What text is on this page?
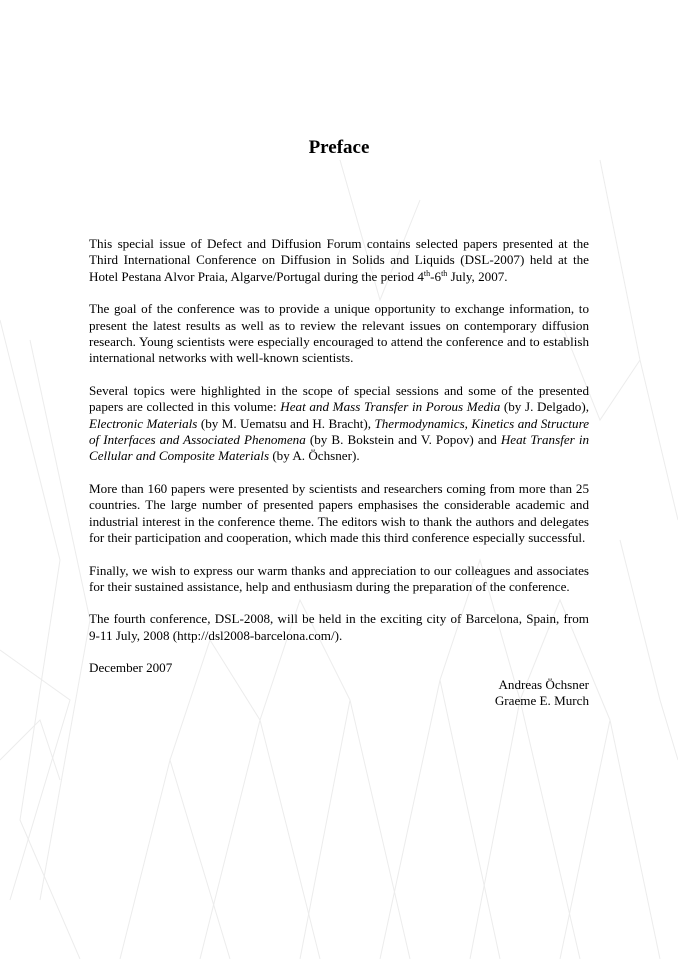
Preface

This special issue of Defect and Diffusion Forum contains selected papers presented at the Third International Conference on Diffusion in Solids and Liquids (DSL-2007) held at the Hotel Pestana Alvor Praia, Algarve/Portugal during the period 4th-6th July, 2007.

The goal of the conference was to provide a unique opportunity to exchange information, to present the latest results as well as to review the relevant issues on contemporary diffusion research. Young scientists were especially encouraged to attend the conference and to establish international networks with well-known scientists.

Several topics were highlighted in the scope of special sessions and some of the presented papers are collected in this volume: Heat and Mass Transfer in Porous Media (by J. Delgado), Electronic Materials (by M. Uematsu and H. Bracht), Thermodynamics, Kinetics and Structure of Interfaces and Associated Phenomena (by B. Bokstein and V. Popov) and Heat Transfer in Cellular and Composite Materials (by A. Öchsner).

More than 160 papers were presented by scientists and researchers coming from more than 25 countries. The large number of presented papers emphasises the considerable academic and industrial interest in the conference theme. The editors wish to thank the authors and delegates for their participation and cooperation, which made this third conference especially successful.

Finally, we wish to express our warm thanks and appreciation to our colleagues and associates for their sustained assistance, help and enthusiasm during the preparation of the conference.

The fourth conference, DSL-2008, will be held in the exciting city of Barcelona, Spain, from 9-11 July, 2008 (http://dsl2008-barcelona.com/).

December 2007

Andreas Öchsner
Graeme E. Murch
